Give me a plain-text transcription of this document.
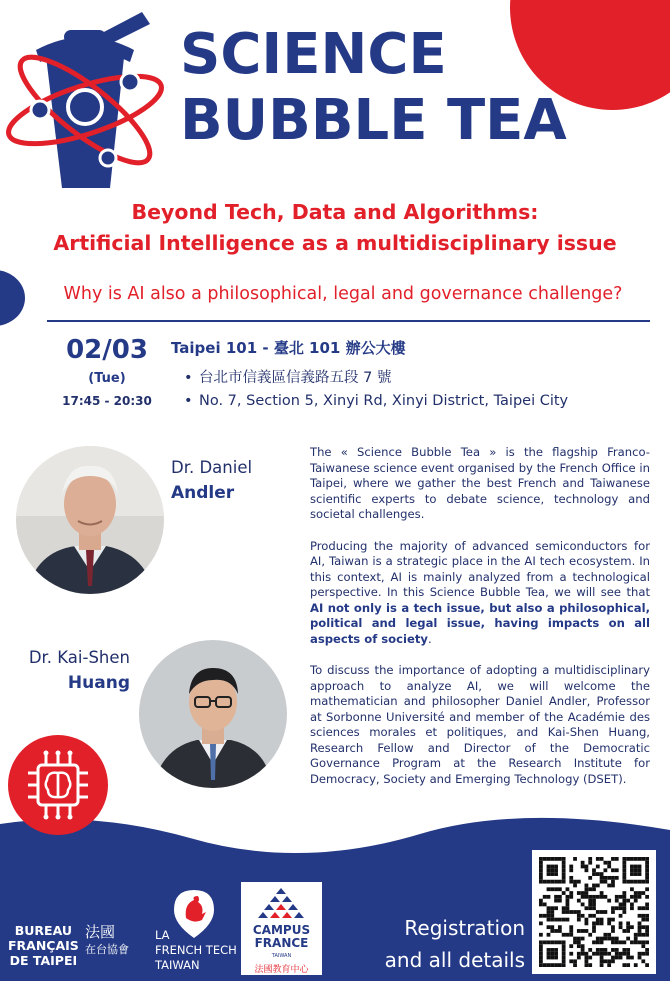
SCIENCE
BUBBLE TEA
Beyond Tech, Data and Algorithms:
Artificial Intelligence as a multidisciplinary issue
Why is AI also a philosophical, legal and governance challenge?
02/03
(Tue)
17:45 - 20:30
Taipei 101 - 臺北 101 辦公大樓
• 台北市信義區信義路五段 7 號
• No. 7, Section 5, Xinyi Rd, Xinyi District, Taipei City
Dr. Daniel
Andler
Dr. Kai-Shen
Huang

The « Science Bubble Tea » is the flagship Franco-Taiwanese science event organised by the French Office in Taipei, where we gather the best French and Taiwanese scientific experts to debate science, technology and societal challenges.

Producing the majority of advanced semiconductors for AI, Taiwan is a strategic place in the AI tech ecosystem. In this context, AI is mainly analyzed from a technological perspective. In this Science Bubble Tea, we will see that AI not only is a tech issue, but also a philosophical, political and legal issue, having impacts on all aspects of society.

To discuss the importance of adopting a multidisciplinary approach to analyze AI, we will welcome the mathematician and philosopher Daniel Andler, Professor at Sorbonne Université and member of the Académie des sciences morales et politiques, and Kai-Shen Huang, Research Fellow and Director of the Democratic Governance Program at the Research Institute for Democracy, Society and Emerging Technology (DSET).

BUREAU
FRANÇAIS
DE TAIPEI
法國
在台協會
LA
FRENCH TECH
TAIWAN
CAMPUS
FRANCE
TAIWAN
法國教育中心
Registration
and all details
